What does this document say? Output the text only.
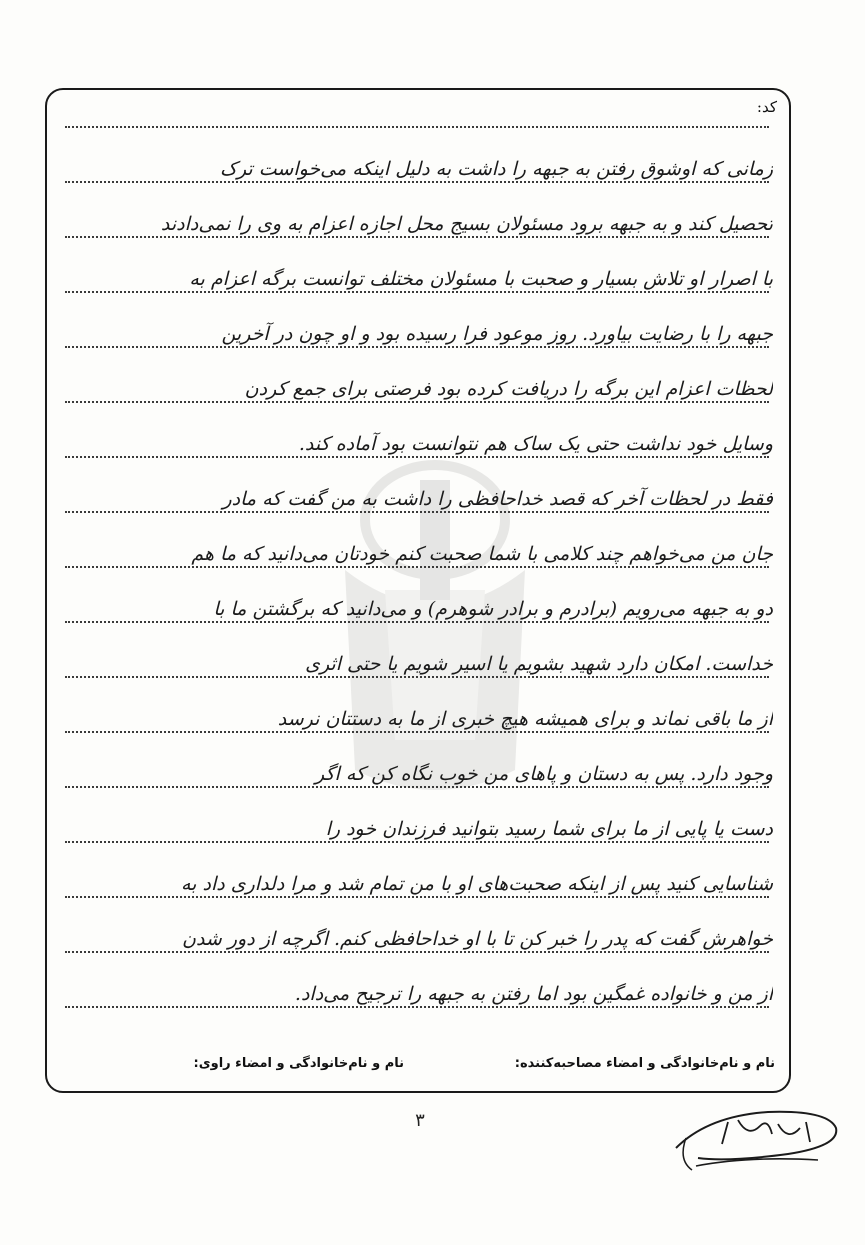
کد:
زمانی که اوشوق رفتن به جبهه را داشت به دلیل اینکه می‌خواست ترک
تحصیل کند و به جبهه برود مسئولان بسیج محل اجازه اعزام به وی را نمی‌دادند
با اصرار او تلاش بسیار و صحبت با مسئولان مختلف توانست برگه اعزام به
جبهه را با رضایت بیاورد. روز موعود فرا رسیده بود و او چون در آخرین
لحظات اعزام این برگه را دریافت کرده بود فرصتی برای جمع کردن
وسایل خود نداشت حتی یک ساک هم نتوانست بود آماده کند.
فقط در لحظات آخر که قصد خداحافظی را داشت به من گفت که مادر
جان من می‌خواهم چند کلامی با شما صحبت کنم خودتان می‌دانید که ما هم
دو به جبهه می‌رویم (برادرم و برادر شوهرم) و می‌دانید که برگشتن ما با
خداست. امکان دارد شهید بشویم یا اسیر شویم یا حتی اثری
از ما باقی نماند و برای همیشه هیچ خبری از ما به دستتان نرسد
وجود دارد. پس به دستان و پاهای من خوب نگاه کن که اگر
دست یا پایی از ما برای شما رسید بتوانید فرزندان خود را
شناسایی کنید پس از اینکه صحبت‌های او با من تمام شد و مرا دلداری داد به
خواهرش گفت که پدر را خبر کن تا با او خداحافظی کنم. اگرچه از دور شدن
از من و خانواده غمگین بود اما رفتن به جبهه را ترجیح می‌داد.
نام و نام‌خانوادگی و امضاء مصاحبه‌کننده:
نام و نام‌خانوادگی و امضاء راوی:
۳
